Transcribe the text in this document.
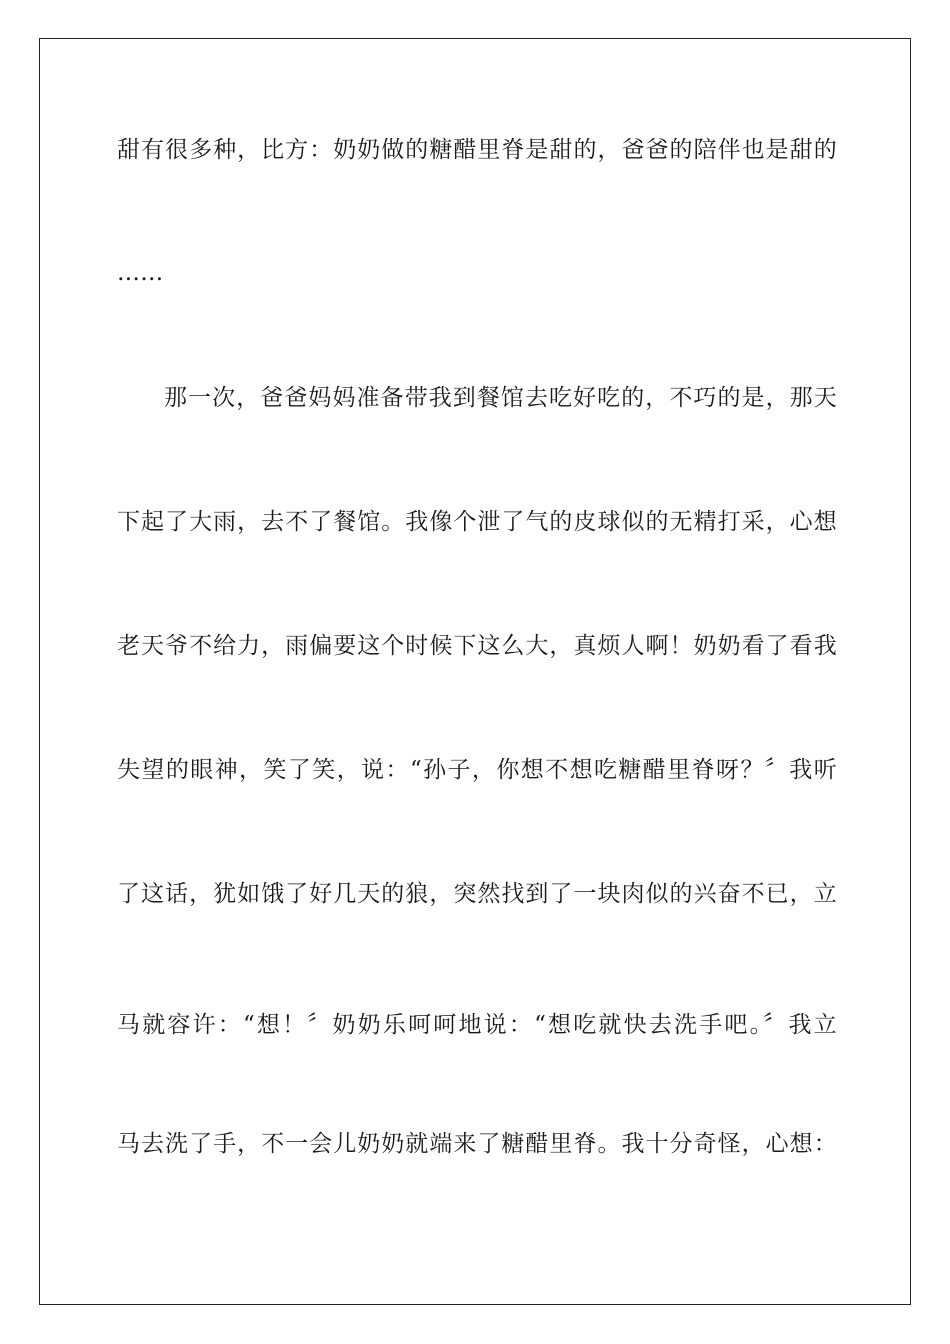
甜有很多种，比方：奶奶做的糖醋里脊是甜的，爸爸的陪伴也是甜的
……
那一次，爸爸妈妈准备带我到餐馆去吃好吃的，不巧的是，那天
下起了大雨，去不了餐馆。我像个泄了气的皮球似的无精打采，心想
老天爷不给力，雨偏要这个时候下这么大，真烦人啊！奶奶看了看我
失望的眼神，笑了笑，说：“孙子，你想不想吃糖醋里脊呀？〞我听
了这话，犹如饿了好几天的狼，突然找到了一块肉似的兴奋不已，立
马就容许：“想！〞奶奶乐呵呵地说：“想吃就快去洗手吧。〞我立
马去洗了手，不一会儿奶奶就端来了糖醋里脊。我十分奇怪，心想：
